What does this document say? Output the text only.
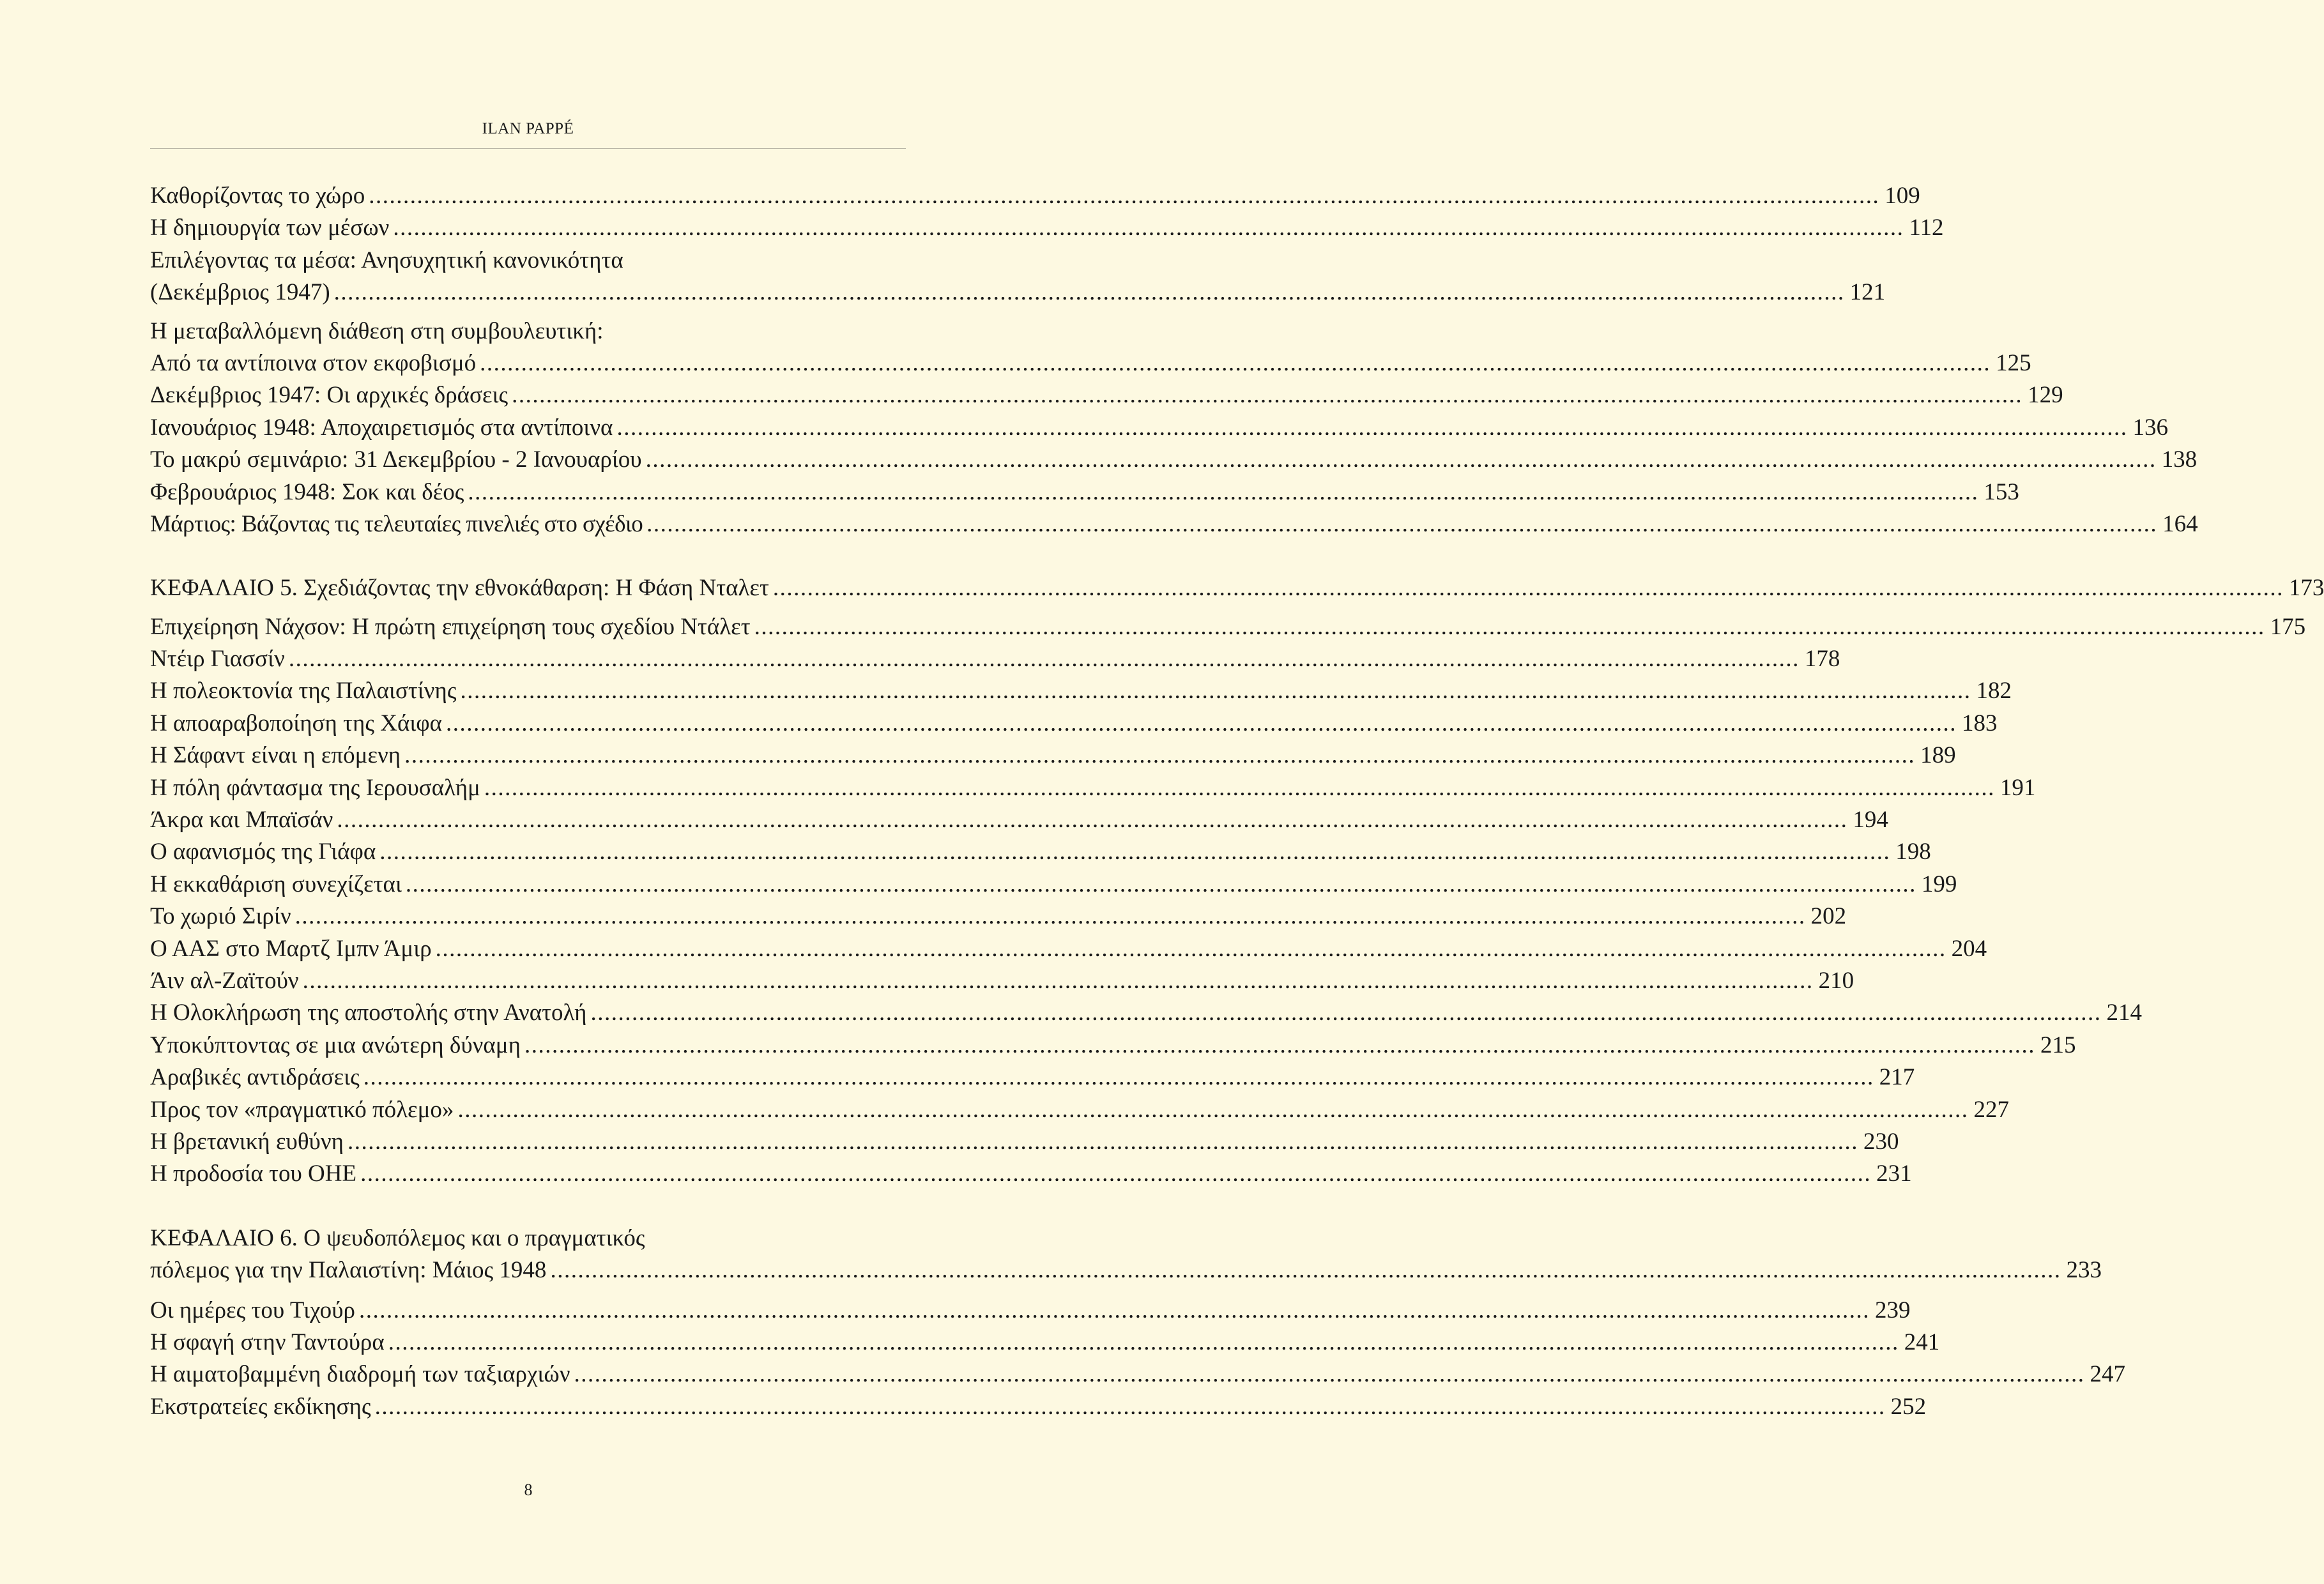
ILAN PAPPÉ
Καθορίζοντας το χώρο ............................................................................................................................................................................................................................ 109
Η δημιουργία των μέσων ............................................................................................................................................................................................................................ 112
Επιλέγοντας τα μέσα: Ανησυχητική κανονικότητα
(Δεκέμβριος 1947) ............................................................................................................................................................................................................................ 121
Η μεταβαλλόμενη διάθεση στη συμβουλευτική:
Από τα αντίποινα στον εκφοβισμό ............................................................................................................................................................................................................................ 125
Δεκέμβριος 1947: Οι αρχικές δράσεις ............................................................................................................................................................................................................................ 129
Ιανουάριος 1948: Αποχαιρετισμός στα αντίποινα ............................................................................................................................................................................................................................ 136
Το μακρύ σεμινάριο: 31 Δεκεμβρίου - 2 Ιανουαρίου ............................................................................................................................................................................................................................ 138
Φεβρουάριος 1948: Σοκ και δέος ............................................................................................................................................................................................................................ 153
Μάρτιος: Βάζοντας τις τελευταίες πινελιές στο σχέδιο ............................................................................................................................................................................................................................ 164
ΚΕΦΑΛΑΙΟ 5. Σχεδιάζοντας την εθνοκάθαρση: Η Φάση Νταλετ ............................................................................................................................................................................................................................ 173
Επιχείρηση Νάχσον: Η πρώτη επιχείρηση τους σχεδίου Ντάλετ ............................................................................................................................................................................................................................ 175
Ντέιρ Γιασσίν ............................................................................................................................................................................................................................ 178
Η πολεοκτονία της Παλαιστίνης ............................................................................................................................................................................................................................ 182
Η αποαραβοποίηση της Χάιφα ............................................................................................................................................................................................................................ 183
Η Σάφαντ είναι η επόμενη ............................................................................................................................................................................................................................ 189
Η πόλη φάντασμα της Ιερουσαλήμ ............................................................................................................................................................................................................................ 191
Άκρα και Μπαϊσάν ............................................................................................................................................................................................................................ 194
Ο αφανισμός της Γιάφα ............................................................................................................................................................................................................................ 198
Η εκκαθάριση συνεχίζεται ............................................................................................................................................................................................................................ 199
Το χωριό Σιρίν ............................................................................................................................................................................................................................ 202
Ο ΑΑΣ στο Μαρτζ Ιμπν Άμιρ ............................................................................................................................................................................................................................ 204
Άιν αλ-Ζαϊτούν ............................................................................................................................................................................................................................ 210
Η Ολοκλήρωση της αποστολής στην Ανατολή ............................................................................................................................................................................................................................ 214
Υποκύπτοντας σε μια ανώτερη δύναμη ............................................................................................................................................................................................................................ 215
Αραβικές αντιδράσεις ............................................................................................................................................................................................................................ 217
Προς τον «πραγματικό πόλεμο» ............................................................................................................................................................................................................................ 227
Η βρετανική ευθύνη ............................................................................................................................................................................................................................ 230
Η προδοσία του ΟΗΕ ............................................................................................................................................................................................................................ 231
ΚΕΦΑΛΑΙΟ 6. Ο ψευδοπόλεμος και ο πραγματικός
πόλεμος για την Παλαιστίνη: Μάιος 1948 ............................................................................................................................................................................................................................ 233
Οι ημέρες του Τιχούρ ............................................................................................................................................................................................................................ 239
Η σφαγή στην Ταντούρα ............................................................................................................................................................................................................................ 241
Η αιματοβαμμένη διαδρομή των ταξιαρχιών ............................................................................................................................................................................................................................ 247
Εκστρατείες εκδίκησης ............................................................................................................................................................................................................................ 252
8
